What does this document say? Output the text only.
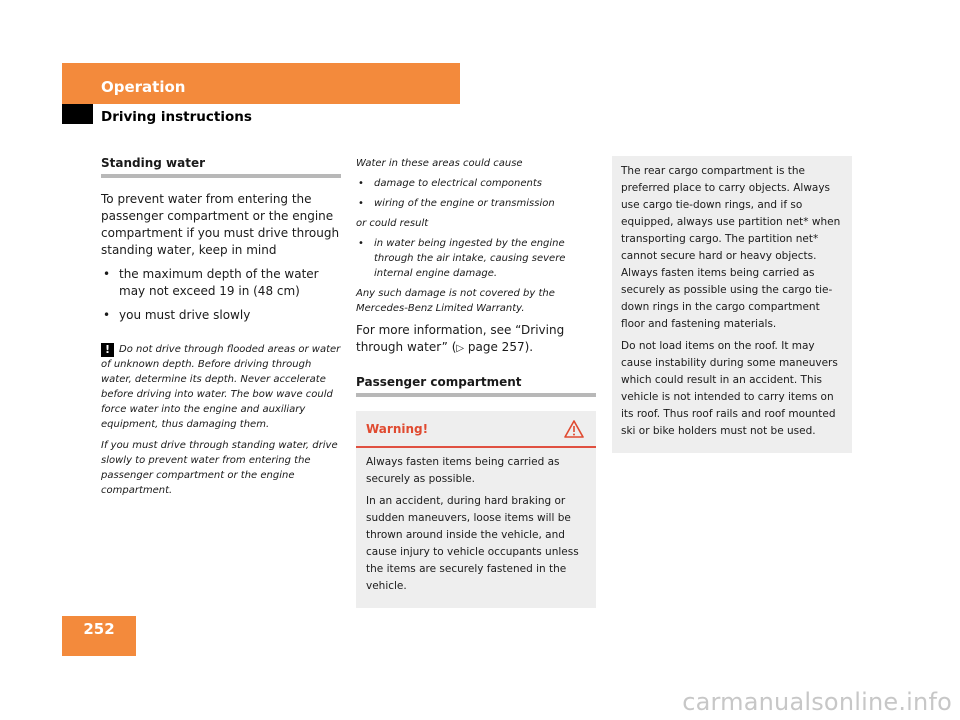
Operation
Driving instructions
Standing water

To prevent water from entering the passenger compartment or the engine compartment if you must drive through standing water, keep in mind

• the maximum depth of the water may not exceed 19 in (48 cm)
• you must drive slowly

! Do not drive through flooded areas or water of unknown depth. Before driving through water, determine its depth. Never accelerate before driving into water. The bow wave could force water into the engine and auxiliary equipment, thus damaging them.

If you must drive through standing water, drive slowly to prevent water from entering the passenger compartment or the engine compartment.

Water in these areas could cause

• damage to electrical components
• wiring of the engine or transmission

or could result

• in water being ingested by the engine through the air intake, causing severe internal engine damage.

Any such damage is not covered by the Mercedes-Benz Limited Warranty.

For more information, see “Driving through water” (▷ page 257).

Passenger compartment
Warning!

Always fasten items being carried as securely as possible.

In an accident, during hard braking or sudden maneuvers, loose items will be thrown around inside the vehicle, and cause injury to vehicle occupants unless the items are securely fastened in the vehicle.

The rear cargo compartment is the preferred place to carry objects. Always use cargo tie-down rings, and if so equipped, always use partition net* when transporting cargo. The partition net* cannot secure hard or heavy objects. Always fasten items being carried as securely as possible using the cargo tie-down rings in the cargo compartment floor and fastening materials.

Do not load items on the roof. It may cause instability during some maneuvers which could result in an accident. This vehicle is not intended to carry items on its roof. Thus roof rails and roof mounted ski or bike holders must not be used.

252
carmanualsonline.info
